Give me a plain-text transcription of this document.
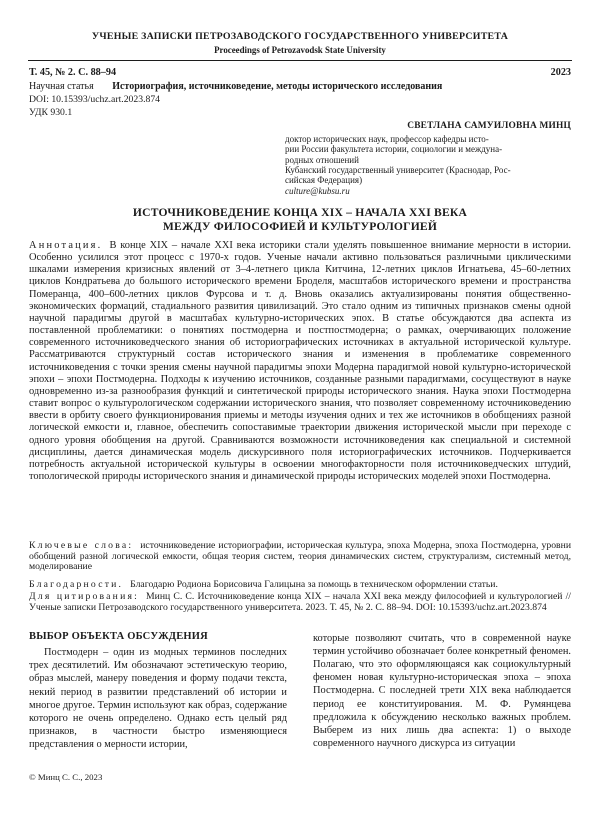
УЧЕНЫЕ ЗАПИСКИ ПЕТРОЗАВОДСКОГО ГОСУДАРСТВЕННОГО УНИВЕРСИТЕТА
Proceedings of Petrozavodsk State University
Т. 45, № 2. С. 88–94	2023
Научная статья Историография, источниковедение, методы исторического исследования
DOI: 10.15393/uchz.art.2023.874
УДК 930.1
СВЕТЛАНА САМУИЛОВНА МИНЦ
доктор исторических наук, профессор кафедры исто-
рии России факультета истории, социологии и междуна-
родных отношений
Кубанский государственный университет (Краснодар, Рос-
сийская Федерация)
culture@kubsu.ru
ИСТОЧНИКОВЕДЕНИЕ КОНЦА XIX – НАЧАЛА XXI ВЕКА
МЕЖДУ ФИЛОСОФИЕЙ И КУЛЬТУРОЛОГИЕЙ

Аннотация. В конце XIX – начале XXI века историки стали уделять повышенное внимание мерности в истории. Особенно усилился этот процесс с 1970-х годов. Ученые начали активно пользоваться различными циклическими шкалами измерения кризисных явлений от 3–4-летнего цикла Китчина, 12-летних циклов Игнатьева, 45–60-летних циклов Кондратьева до большого исторического времени Броделя, масштабов исторического времени и пространства Померанца, 400–600-летних циклов Фурсова и т. д. Вновь оказались актуализированы понятия общественно-экономических формаций, стадиального развития цивилизаций. Это стало одним из типичных признаков смены одной научной парадигмы другой в масштабах культурно-исторических эпох. В статье обсуждаются два аспекта из поставленной проблематики: о понятиях постмодерна и постпостмодерна; о рамках, очерчивающих положение современного источниковедческого знания об историографических источниках в актуальной исторической культуре. Рассматриваются структурный состав исторического знания и изменения в проблематике современного источниковедения с точки зрения смены научной парадигмы эпохи Модерна парадигмой новой культурно-исторической эпохи – эпохи Постмодерна. Подходы к изучению источников, созданные разными парадигмами, сосуществуют в науке одновременно из-за разнообразия функций и синтетической природы исторического знания. Наука эпохи Постмодерна ставит вопрос о культурологическом содержании исторического знания, что позволяет современному источниковедению ввести в орбиту своего функционирования приемы и методы изучения одних и тех же источников в обобщениях разной логической емкости и, главное, обеспечить сопоставимые траектории движения исторической мысли при переходе с одного уровня обобщения на другой. Сравниваются возможности источниковедения как специальной и системной дисциплины, дается динамическая модель дискурсивного поля историографических источников. Подчеркивается потребность актуальной исторической культуры в освоении многофакторности поля источниковедческих штудий, топологической природы исторического знания и динамической природы исторических моделей эпохи Постмодерна.

Ключевые слова: источниковедение историографии, историческая культура, эпоха Модерна, эпоха Постмодерна, уровни обобщений разной логической емкости, общая теория систем, теория динамических систем, структурализм, системный метод, моделирование

Благодарности. Благодарю Родиона Борисовича Галицына за помощь в техническом оформлении статьи.

Для цитирования: Минц С. С. Источниковедение конца XIX – начала XXI века между философией и культурологией // Ученые записки Петрозаводского государственного университета. 2023. Т. 45, № 2. С. 88–94. DOI: 10.15393/uchz.art.2023.874

ВЫБОР ОБЪЕКТА ОБСУЖДЕНИЯ

Постмодерн – один из модных терминов последних трех десятилетий. Им обозначают эстетическую теорию, образ мыслей, манеру поведения и форму подачи текста, некий период в развитии представлений об истории и многое другое. Термин используют как образ, содержание которого не очень определено. Однако есть целый ряд признаков, в частности быстро изменяющиеся представления о мерности истории,

которые позволяют считать, что в современной науке термин устойчиво обозначает более конкретный феномен. Полагаю, что это оформляющаяся как социокультурный феномен новая культурно-историческая эпоха – эпоха Постмодерна. С последней трети XIX века наблюдается период ее конституирования. М. Ф. Румянцева предложила к обсуждению несколько важных проблем. Выберем из них лишь два аспекта: 1) о выходе современного научного дискурса из ситуации

© Минц С. С., 2023
